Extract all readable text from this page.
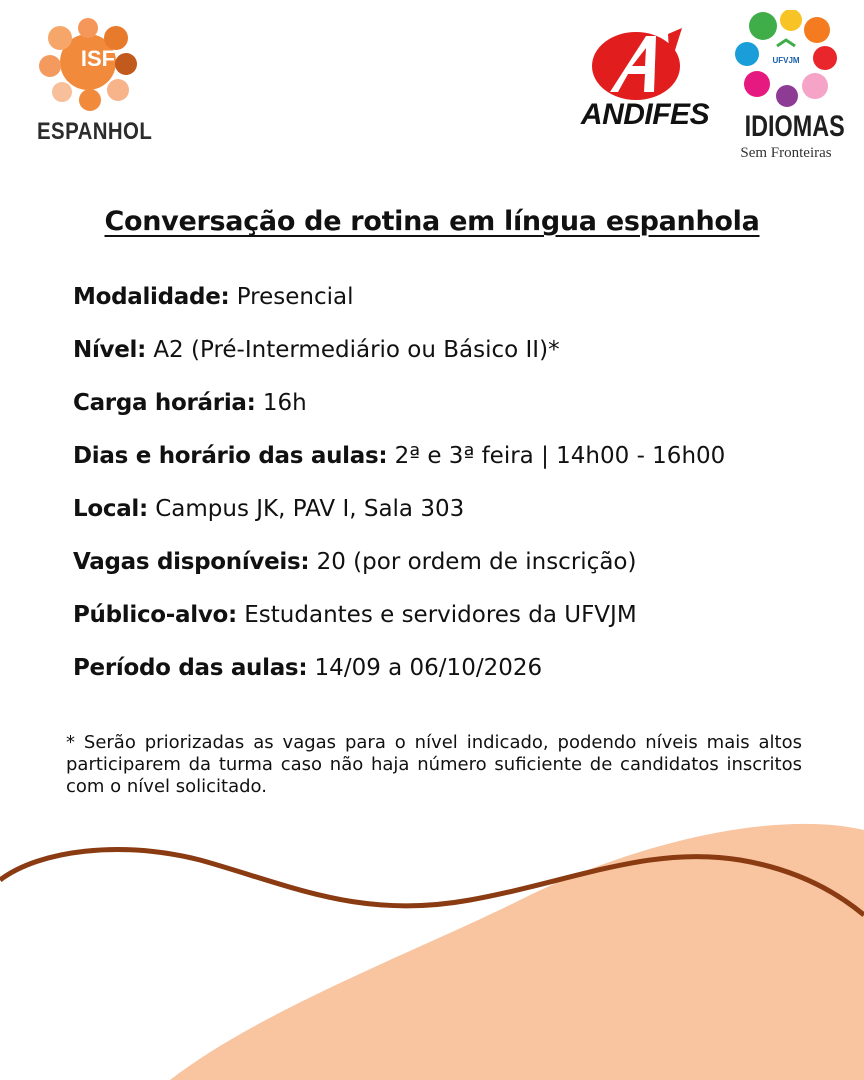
ISF
ESPANHOL
ANDIFES
UFVJM
IDIOMAS
Sem Fronteiras
Conversação de rotina em língua espanhola
Modalidade: Presencial
Nível: A2 (Pré-Intermediário ou Básico II)*
Carga horária: 16h
Dias e horário das aulas: 2ª e 3ª feira | 14h00 - 16h00
Local: Campus JK, PAV I, Sala 303
Vagas disponíveis: 20 (por ordem de inscrição)
Público-alvo: Estudantes e servidores da UFVJM
Período das aulas: 14/09 a 06/10/2026
* Serão priorizadas as vagas para o nível indicado, podendo níveis mais altos participarem da turma caso não haja número suficiente de candidatos inscritos com o nível solicitado.
